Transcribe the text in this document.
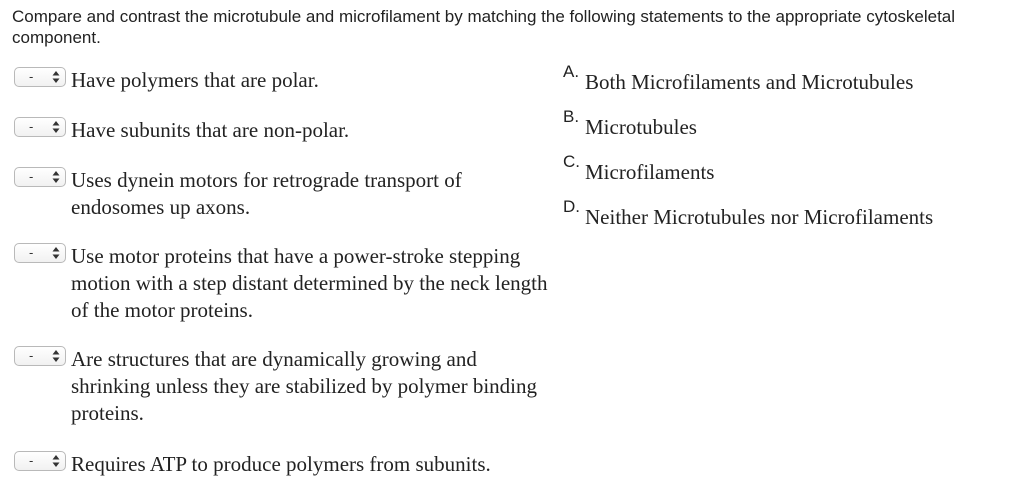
Compare and contrast the microtubule and microfilament by matching the following statements to the appropriate cytoskeletal component.
- Have polymers that are polar.
- Have subunits that are non-polar.
- Uses dynein motors for retrograde transport of endosomes up axons.
- Use motor proteins that have a power-stroke stepping motion with a step distant determined by the neck length of the motor proteins.
- Are structures that are dynamically growing and shrinking unless they are stabilized by polymer binding proteins.
- Requires ATP to produce polymers from subunits.
A. Both Microfilaments and Microtubules
B. Microtubules
C. Microfilaments
D. Neither Microtubules nor Microfilaments
